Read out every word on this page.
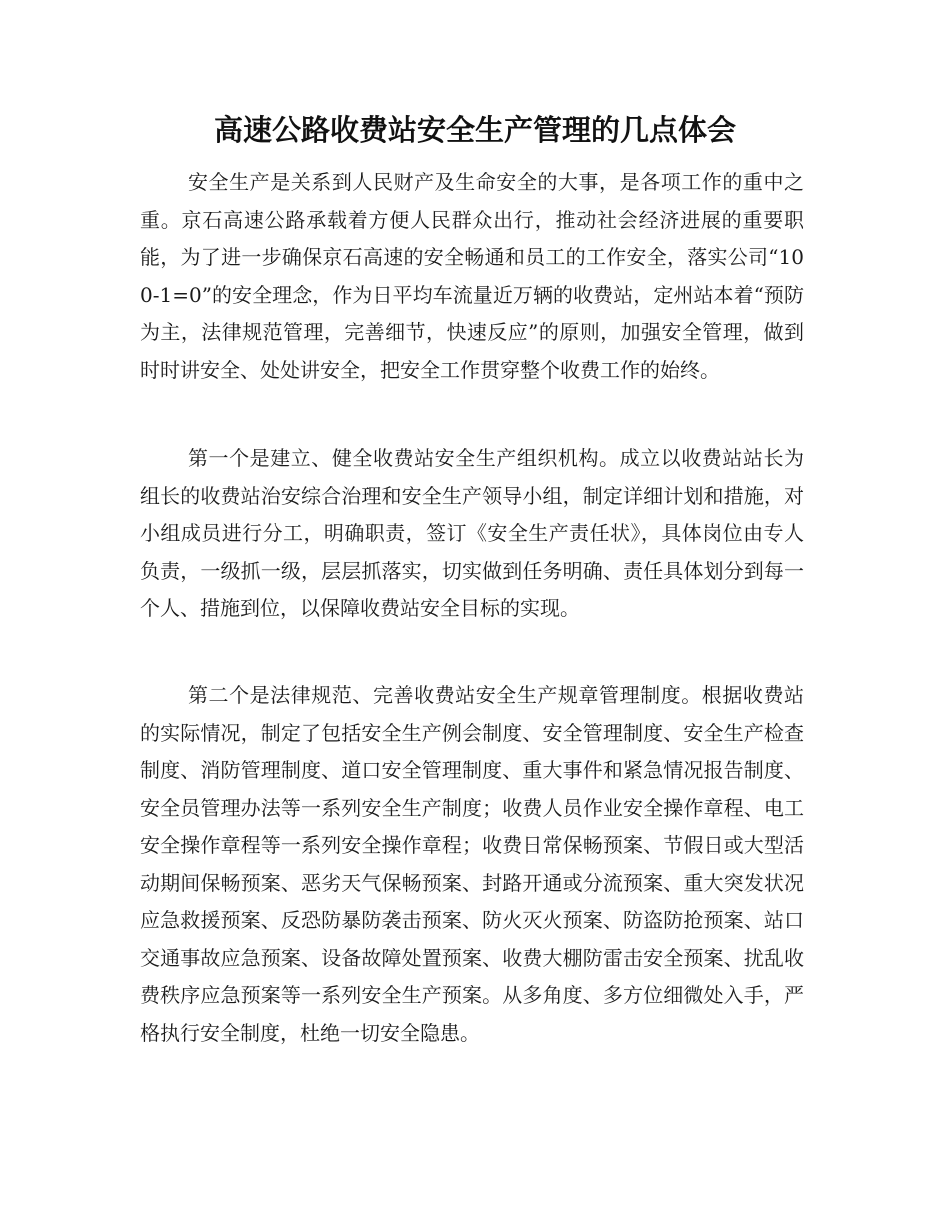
高速公路收费站安全生产管理的几点体会

安全生产是关系到人民财产及生命安全的大事，是各项工作的重中之重。京石高速公路承载着方便人民群众出行，推动社会经济进展的重要职能，为了进一步确保京石高速的安全畅通和员工的工作安全，落实公司“100-1=0”的安全理念，作为日平均车流量近万辆的收费站，定州站本着“预防为主，法律规范管理，完善细节，快速反应”的原则，加强安全管理，做到时时讲安全、处处讲安全，把安全工作贯穿整个收费工作的始终。

第一个是建立、健全收费站安全生产组织机构。成立以收费站站长为组长的收费站治安综合治理和安全生产领导小组，制定详细计划和措施，对小组成员进行分工，明确职责，签订《安全生产责任状》，具体岗位由专人负责，一级抓一级，层层抓落实，切实做到任务明确、责任具体划分到每一个人、措施到位，以保障收费站安全目标的实现。

第二个是法律规范、完善收费站安全生产规章管理制度。根据收费站的实际情况，制定了包括安全生产例会制度、安全管理制度、安全生产检查制度、消防管理制度、道口安全管理制度、重大事件和紧急情况报告制度、安全员管理办法等一系列安全生产制度；收费人员作业安全操作章程、电工安全操作章程等一系列安全操作章程；收费日常保畅预案、节假日或大型活动期间保畅预案、恶劣天气保畅预案、封路开通或分流预案、重大突发状况应急救援预案、反恐防暴防袭击预案、防火灭火预案、防盗防抢预案、站口交通事故应急预案、设备故障处置预案、收费大棚防雷击安全预案、扰乱收费秩序应急预案等一系列安全生产预案。从多角度、多方位细微处入手，严格执行安全制度，杜绝一切安全隐患。
